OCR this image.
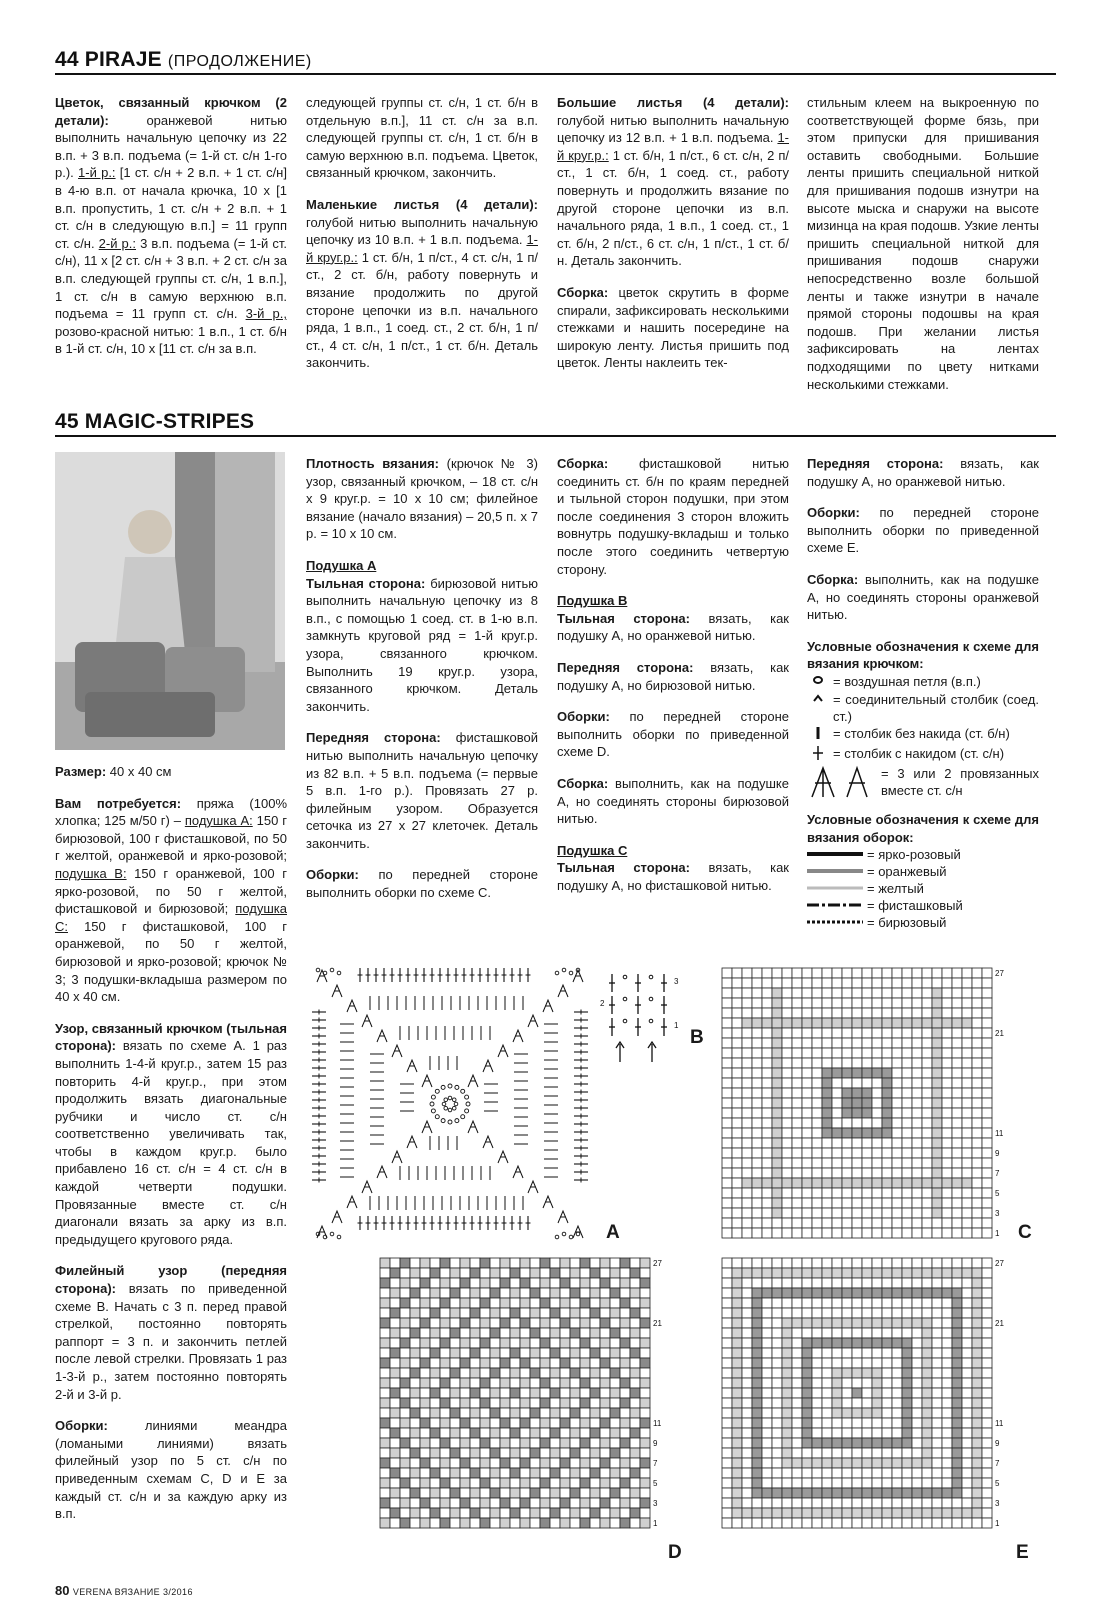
44 PIRAJE (ПРОДОЛЖЕНИЕ)
Цветок, связанный крючком (2 детали):	оранжевой нитью выполнить начальную цепочку из 22 в.п. + 3 в.п. подъема (= 1-й ст. с/н 1-го р.). 1-й р.: [1 ст. с/н + 2 в.п. + 1 ст. с/н] в 4-ю в.п. от начала крючка, 10 х [1 в.п. пропустить, 1 ст. с/н + 2 в.п. + 1 ст. с/н в следующую в.п.] = 11 групп ст. с/н. 2-й р.: 3 в.п. подъема (= 1-й ст. с/н), 11 х [2 ст. с/н + 3 в.п. + 2 ст. с/н за в.п. следующей группы ст. с/н, 1 в.п.], 1 ст. с/н в самую верхнюю в.п. подъема = 11 групп ст. с/н. 3-й р., розово-красной нитью: 1 в.п., 1 ст. б/н в 1-й ст. с/н, 10 х [11 ст. с/н за в.п.

следующей группы ст. с/н, 1 ст. б/н в отдельную в.п.], 11 ст. с/н за в.п. следующей группы ст. с/н, 1 ст. б/н в самую верхнюю в.п. подъема. Цветок, связанный крючком, закончить.

Маленькие листья (4 детали): голубой нитью выполнить начальную цепочку из 10 в.п. + 1 в.п. подъема. 1-й круг.р.: 1 ст. б/н, 1 п/ст., 4 ст. с/н, 1 п/ст., 2 ст. б/н, работу повернуть и вязание продолжить по другой стороне цепочки из в.п. начального ряда, 1 в.п., 1 соед. ст., 2 ст. б/н, 1 п/ст., 4 ст. с/н, 1 п/ст., 1 ст. б/н. Деталь закончить.

Большие листья (4 детали): голубой нитью выполнить начальную цепочку из 12 в.п. + 1 в.п. подъема. 1-й круг.р.: 1 ст. б/н, 1 п/ст., 6 ст. с/н, 2 п/ст., 1 ст. б/н, 1 соед. ст., работу повернуть и продолжить вязание по другой стороне цепочки из в.п. начального ряда, 1 в.п., 1 соед. ст., 1 ст. б/н, 2 п/ст., 6 ст. с/н, 1 п/ст., 1 ст. б/н. Деталь закончить.

Сборка: цветок скрутить в форме спирали, зафиксировать несколькими стежками и нашить посередине на широкую ленту. Листья пришить под цветок. Ленты наклеить тек-

стильным клеем на выкроенную по соответствующей форме бязь, при этом припуски для пришивания оставить свободными. Большие ленты пришить специальной ниткой для пришивания подошв изнутри на высоте мыска и снаружи на высоте мизинца на края подошв. Узкие ленты пришить специальной ниткой для пришивания подошв снаружи непосредственно возле большой ленты и также изнутри в начале прямой стороны подошвы на края подошв. При желании листья зафиксировать на лентах подходящими по цвету нитками несколькими стежками.
45 MAGIC-STRIPES

Размер: 40 х 40 см

Вам потребуется: пряжа (100% хлопка; 125 м/50 г) – подушка А: 150 г бирюзовой, 100 г фисташковой, по 50 г желтой, оранжевой и ярко-розовой; подушка В: 150 г оранжевой, 100 г ярко-розовой, по 50 г желтой, фисташковой и бирюзовой; подушка С: 150 г фисташковой, 100 г оранжевой, по 50 г желтой, бирюзовой и ярко-розовой; крючок № 3; 3 подушки-вкладыша размером по 40 х 40 см.

Узор, связанный крючком (тыльная сторона): вязать по схеме А. 1 раз выполнить 1-4-й круг.р., затем 15 раз повторить 4-й круг.р., при этом продолжить вязать диагональные рубчики и число ст. с/н соответственно увеличивать так, чтобы в каждом круг.р. было прибавлено 16 ст. с/н = 4 ст. с/н в каждой четверти подушки. Провязанные вместе ст. с/н диагонали вязать за арку из в.п. предыдущего кругового ряда.

Филейный узор (передняя сторона): вязать по приведенной схеме В. Начать с 3 п. перед правой стрелкой, постоянно повторять раппорт = 3 п. и закончить петлей после левой стрелки. Провязать 1 раз 1-3-й р., затем постоянно повторять 2-й и 3-й р.

Оборки:	линиями меандра (ломаными линиями) вязать филейный узор по 5 ст. с/н по приведенным схемам С, D и Е за каждый ст. с/н и за каждую арку из в.п.

Плотность вязания: (крючок № 3) узор, связанный крючком, – 18 ст. с/н х 9 круг.р. = 10 х 10 см; филейное вязание (начало вязания) – 20,5 п. х 7 р. = 10 х 10 см.

Подушка А
Тыльная сторона: бирюзовой нитью выполнить начальную цепочку из 8 в.п., с помощью 1 соед. ст. в 1-ю в.п. замкнуть круговой ряд = 1-й круг.р. узора, связанного крючком. Выполнить 19 круг.р. узора, связанного крючком. Деталь закончить.

Передняя сторона: фисташковой нитью выполнить начальную цепочку из 82 в.п. + 5 в.п. подъема (= первые 5 в.п. 1-го р.). Провязать 27 р. филейным узором. Образуется сеточка из 27 х 27 клеточек. Деталь закончить.

Оборки: по передней стороне выполнить оборки по схеме С.

Сборка: фисташковой нитью соединить ст. б/н по краям передней и тыльной сторон подушки, при этом после соединения 3 сторон вложить вовнутрь подушку-вкладыш и только после этого соединить четвертую сторону.

Подушка В
Тыльная сторона: вязать, как подушку А, но оранжевой нитью.

Передняя сторона: вязать, как подушку А, но бирюзовой нитью.

Оборки: по передней стороне выполнить оборки по приведенной схеме D.

Сборка: выполнить, как на подушке А, но соединять стороны бирюзовой нитью.

Подушка С
Тыльная сторона: вязать, как подушку А, но фисташковой нитью.

Передняя сторона: вязать, как подушку А, но оранжевой нитью.

Оборки: по передней стороне выполнить оборки по приведенной схеме Е.

Сборка: выполнить, как на подушке А, но соединять стороны оранжевой нитью.

Условные обозначения к схеме для вязания крючком:
= воздушная петля (в.п.)
= соединительный столбик (соед. ст.)
= столбик без накида (ст. б/н)
= столбик с накидом (ст. с/н)
= 3 или 2 провязанных вместе ст. с/н
Условные обозначения к схеме для вязания оборок:
= ярко-розовый
= оранжевый
= желтый
= фисташковый
= бирюзовый
A
3
2
1
B
27
21
11
9
7
5
3
1 C
27
21
11
9
7
5
3
1
D
27
21
11
9
7
5
3
1
E
80 VERENA ВЯЗАНИЕ 3/2016
